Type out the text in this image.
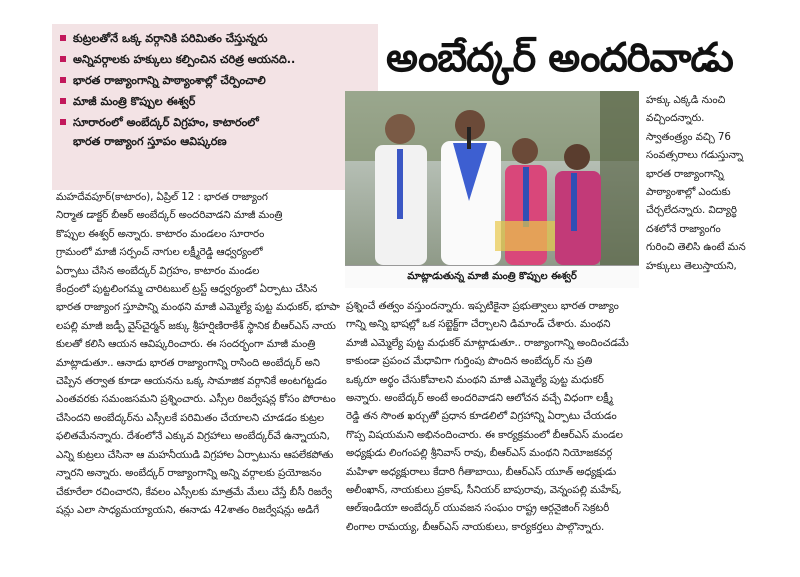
కుట్రలతోనే ఒక్క వర్గానికి పరిమితం చేస్తున్నరు
అన్నివర్గాలకు హక్కులు కల్పించిన చరిత్ర ఆయనది..
భారత రాజ్యాంగాన్ని పాఠ్యాంశాల్లో చేర్పించాలి
మాజీ మంత్రి కొప్పుల ఈశ్వర్
సూరారంలో అంబేద్కర్ విగ్రహం, కాటారంలో
భారత రాజ్యాంగ స్తూపం ఆవిష్కరణ
అంబేద్కర్ అందరివాడు
మాట్లాడుతున్న మాజీ మంత్రి కొప్పుల ఈశ్వర్
మహదేవపూర్(కాటారం), ఏప్రిల్ 12 : భారత రాజ్యాంగ
నిర్మాత డాక్టర్ బీఆర్ అంబేద్కర్ అందరివాడని మాజీ మంత్రి
కొప్పుల ఈశ్వర్ అన్నారు. కాటారం మండలం సూరారం
గ్రామంలో మాజీ సర్పంచ్ నాగుల లక్ష్మీరెడ్డి ఆధ్వర్యంలో
ఏర్పాటు చేసిన అంబేద్కర్ విగ్రహం, కాటారం మండల
కేంద్రంలో పుట్టలింగమ్మ చారిటబుల్ ట్రస్ట్ ఆధ్వర్యంలో ఏర్పాటు చేసిన
భారత రాజ్యాంగ స్తూపాన్ని మంథని మాజీ ఎమ్మెల్యే పుట్ట మధుకర్, భూపా
లపల్లి మాజీ జడ్పీ వైస్‌చైర్మన్ జక్కు శ్రీహర్షిణిరాకేశ్ స్థానిక బీఆర్ఎస్ నాయ
కులతో కలిసి ఆయన ఆవిష్కరించారు. ఈ సందర్భంగా మాజీ మంత్రి
మాట్లాడుతూ.. ఆనాడు భారత రాజ్యాంగాన్ని రాసింది అంబేద్కర్ అని
చెప్పిన తర్వాత కూడా ఆయనను ఒక్క సామాజిక వర్గానికే అంటగట్టడం
ఎంతవరకు సమంజసమని ప్రశ్నించారు. ఎస్సీల రిజర్వేషన్ల కోసం పోరాటం
చేసిందని అంబేద్కర్‌ను ఎస్సీలకే పరిమితం చేయాలని చూడడం కుట్రల
ఫలితమేనన్నారు. దేశంలోనే ఎక్కువ విగ్రహాలు అంబేద్కర్‌వే ఉన్నాయని,
ఎన్ని కుట్రలు చేసినా ఆ మహనీయుడి విగ్రహాల ఏర్పాటును ఆపలేకపోతు
న్నారని అన్నారు. అంబేద్కర్ రాజ్యాంగాన్ని అన్ని వర్గాలకు ప్రయోజనం
చేకూరేలా రచించారని, కేవలం ఎస్సీలకు మాత్రమే మేలు చేస్తే బీసీ రిజర్వే
షన్లు ఎలా సాధ్యమయ్యాయని, ఈనాడు 42శాతం రిజర్వేషన్లు అడిగే
హక్కు ఎక్కడి నుంచి
వచ్చిందన్నారు.
స్వాతంత్ర్యం వచ్చి 76
సంవత్సరాలు గడుస్తున్నా
భారత రాజ్యాంగాన్ని
పాఠ్యాంశాల్లో ఎందుకు
చేర్చలేదన్నారు. విద్యార్థి
దశలోనే రాజ్యాంగం
గురించి తెలిసి ఉంటే మన
హక్కులు తెలుస్తాయని,
ప్రశ్నించే తత్వం వస్తుందన్నారు. ఇప్పటికైనా ప్రభుత్వాలు భారత రాజ్యాం
గాన్ని అన్ని భాషల్లో ఒక సబ్జెక్ట్‌గా చేర్చాలని డిమాండ్ చేశారు. మంథని
మాజీ ఎమ్మెల్యే పుట్ట మధుకర్ మాట్లాడుతూ.. రాజ్యాంగాన్ని అందించడమే
కాకుండా ప్రపంచ మేధావిగా గుర్తింపు పొందిన అంబేద్కర్ ను ప్రతి
ఒక్కరూ అర్థం చేసుకోవాలని మంథని మాజీ ఎమ్మెల్యే పుట్ట మధుకర్
అన్నారు. అంబేద్కర్ అంటే అందరివాడని ఆలోచన వచ్చే విధంగా లక్ష్మీ
రెడ్డి తన సొంత ఖర్చుతో ప్రధాన కూడలిలో విగ్రహాన్ని ఏర్పాటు చేయడం
గొప్ప విషయమని అభినందించారు. ఈ కార్యక్రమంలో బీఆర్ఎస్ మండల
అధ్యక్షుడు లింగంపల్లి శ్రీనివాస్ రావు, బీఆర్ఎస్ మంథని నియోజకవర్గ
మహిళా అధ్యక్షురాలు కేదారి గీతాబాయి, బీఆర్ఎస్ యూత్ అధ్యక్షుడు
అలీంఖాన్, నాయకులు ప్రకాష్, సీనియర్ బాపురావు, వెన్నంపల్లి మహేష్,
ఆల్‌ఇండియా అంబేద్కర్ యువజన సంఘం రాష్ట్ర ఆర్గనైజింగ్ సెక్రటరీ
లింగాల రామయ్య, బీఆర్ఎస్ నాయకులు, కార్యకర్తలు పాల్గొన్నారు.
